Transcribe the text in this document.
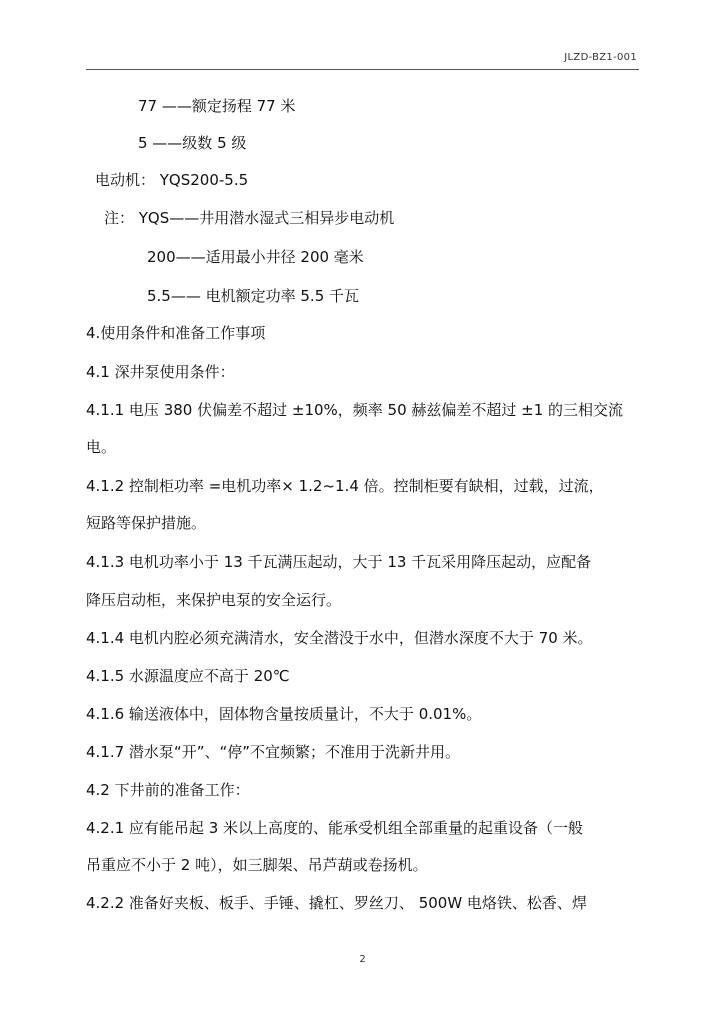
JLZD-BZ1-001
77 ——额定扬程 77 米
5 ——级数 5 级
电动机： YQS200-5.5
注： YQS——井用潜水湿式三相异步电动机
200——适用最小井径 200 毫米
5.5—— 电机额定功率 5.5 千瓦
4.使用条件和准备工作事项
4.1 深井泵使用条件：
4.1.1 电压 380 伏偏差不超过 ±10%，频率 50 赫兹偏差不超过 ±1 的三相交流
电。
4.1.2 控制柜功率 =电机功率× 1.2~1.4 倍。控制柜要有缺相，过载，过流，
短路等保护措施。
4.1.3 电机功率小于 13 千瓦满压起动，大于 13 千瓦采用降压起动，应配备
降压启动柜，来保护电泵的安全运行。
4.1.4 电机内腔必须充满清水，安全潜没于水中，但潜水深度不大于 70 米。
4.1.5 水源温度应不高于 20℃
4.1.6 输送液体中，固体物含量按质量计，不大于 0.01%。
4.1.7 潜水泵“开”、“停”不宜频繁；不准用于洗新井用。
4.2 下井前的准备工作：
4.2.1 应有能吊起 3 米以上高度的、能承受机组全部重量的起重设备（一般
吊重应不小于 2 吨），如三脚架、吊芦葫或卷扬机。
4.2.2 准备好夹板、板手、手锤、撬杠、罗丝刀、 500W 电烙铁、松香、焊
2
